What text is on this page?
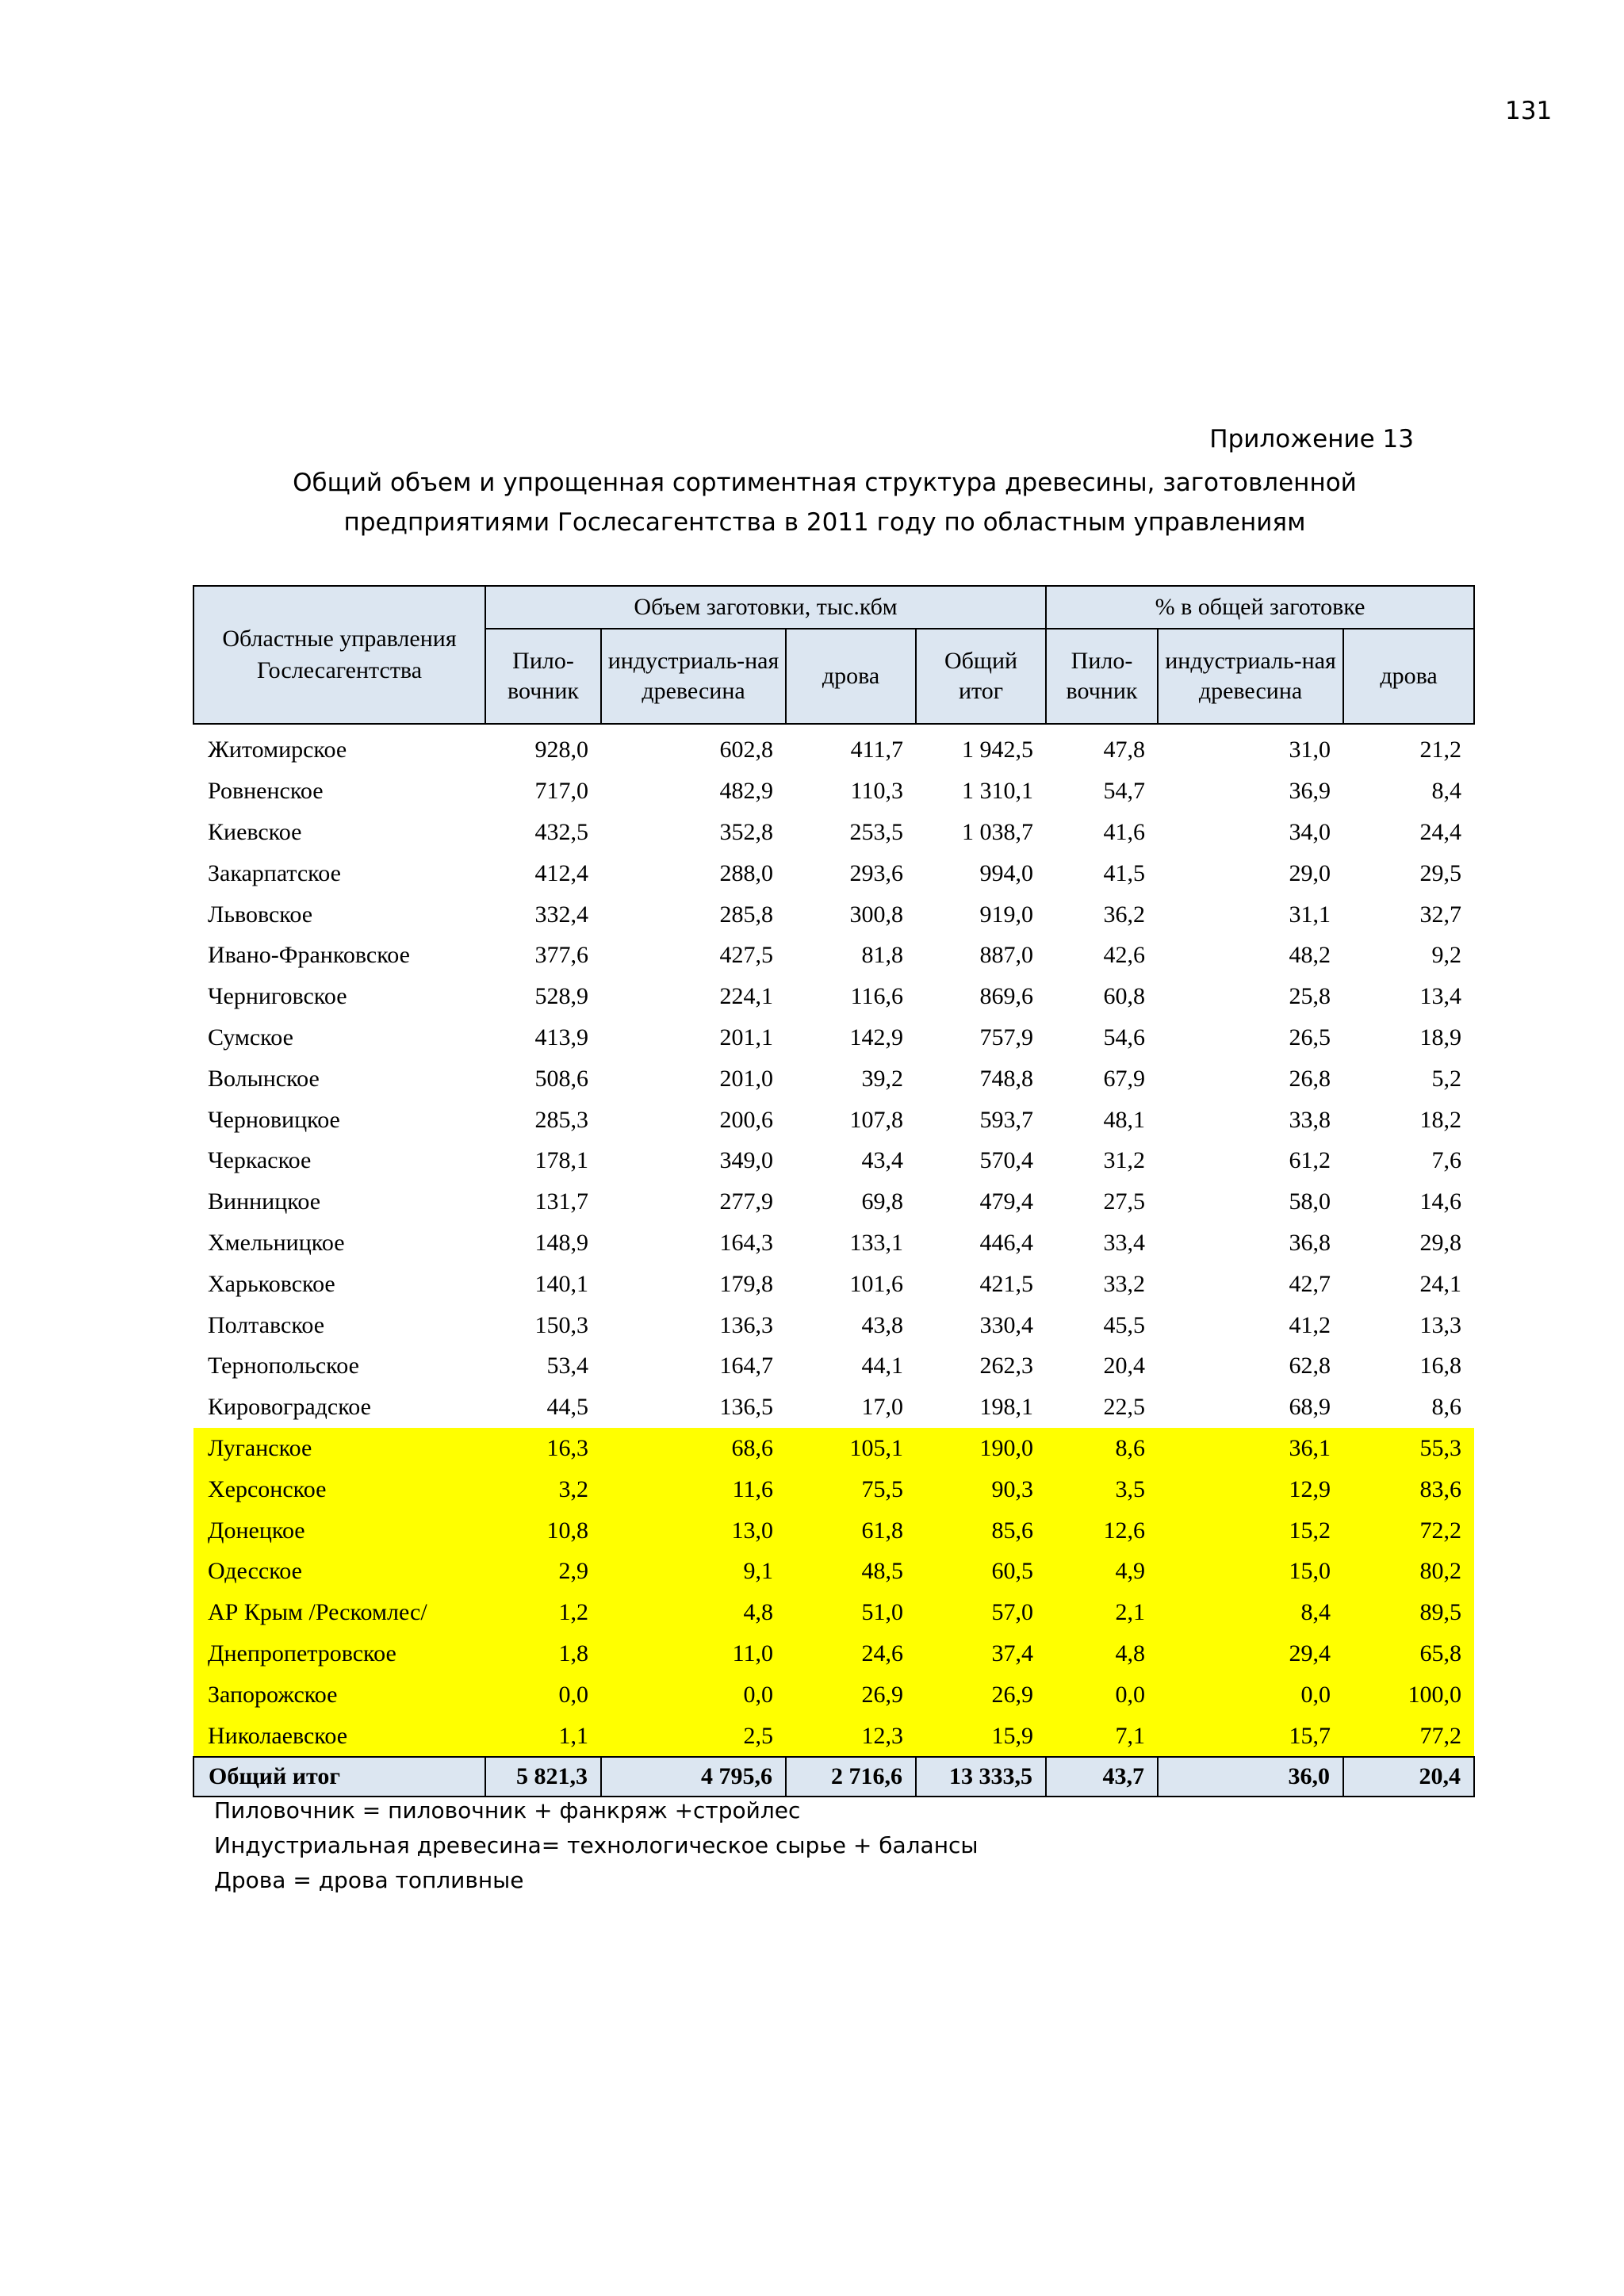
131
Приложение 13
Общий объем и упрощенная сортиментная структура древесины, заготовленной
предприятиями Гослесагентства в 2011 году по областным управлениям
Областные управления Гослесагентства	Объем заготовки, тыс.кбм				% в общей заготовке		
	Пило-вочник	индустриаль-ная древесина	дрова	Общий итог	Пило-вочник	индустриаль-ная древесина	дрова
Житомирское	928,0	602,8	411,7	1 942,5	47,8	31,0	21,2
Ровненское	717,0	482,9	110,3	1 310,1	54,7	36,9	8,4
Киевское	432,5	352,8	253,5	1 038,7	41,6	34,0	24,4
Закарпатское	412,4	288,0	293,6	994,0	41,5	29,0	29,5
Львовское	332,4	285,8	300,8	919,0	36,2	31,1	32,7
Ивано-Франковское	377,6	427,5	81,8	887,0	42,6	48,2	9,2
Черниговское	528,9	224,1	116,6	869,6	60,8	25,8	13,4
Сумское	413,9	201,1	142,9	757,9	54,6	26,5	18,9
Волынское	508,6	201,0	39,2	748,8	67,9	26,8	5,2
Черновицкое	285,3	200,6	107,8	593,7	48,1	33,8	18,2
Черкаское	178,1	349,0	43,4	570,4	31,2	61,2	7,6
Винницкое	131,7	277,9	69,8	479,4	27,5	58,0	14,6
Хмельницкое	148,9	164,3	133,1	446,4	33,4	36,8	29,8
Харьковское	140,1	179,8	101,6	421,5	33,2	42,7	24,1
Полтавское	150,3	136,3	43,8	330,4	45,5	41,2	13,3
Тернопольское	53,4	164,7	44,1	262,3	20,4	62,8	16,8
Кировоградское	44,5	136,5	17,0	198,1	22,5	68,9	8,6
Луганское	16,3	68,6	105,1	190,0	8,6	36,1	55,3
Херсонское	3,2	11,6	75,5	90,3	3,5	12,9	83,6
Донецкое	10,8	13,0	61,8	85,6	12,6	15,2	72,2
Одесское	2,9	9,1	48,5	60,5	4,9	15,0	80,2
АР Крым /Рескомлес/	1,2	4,8	51,0	57,0	2,1	8,4	89,5
Днепропетровское	1,8	11,0	24,6	37,4	4,8	29,4	65,8
Запорожское	0,0	0,0	26,9	26,9	0,0	0,0	100,0
Николаевское	1,1	2,5	12,3	15,9	7,1	15,7	77,2
Общий итог	5 821,3	4 795,6	2 716,6	13 333,5	43,7	36,0	20,4
Пиловочник = пиловочник + фанкряж +стройлес
Индустриальная древесина= технологическое сырье + балансы
Дрова = дрова топливные
